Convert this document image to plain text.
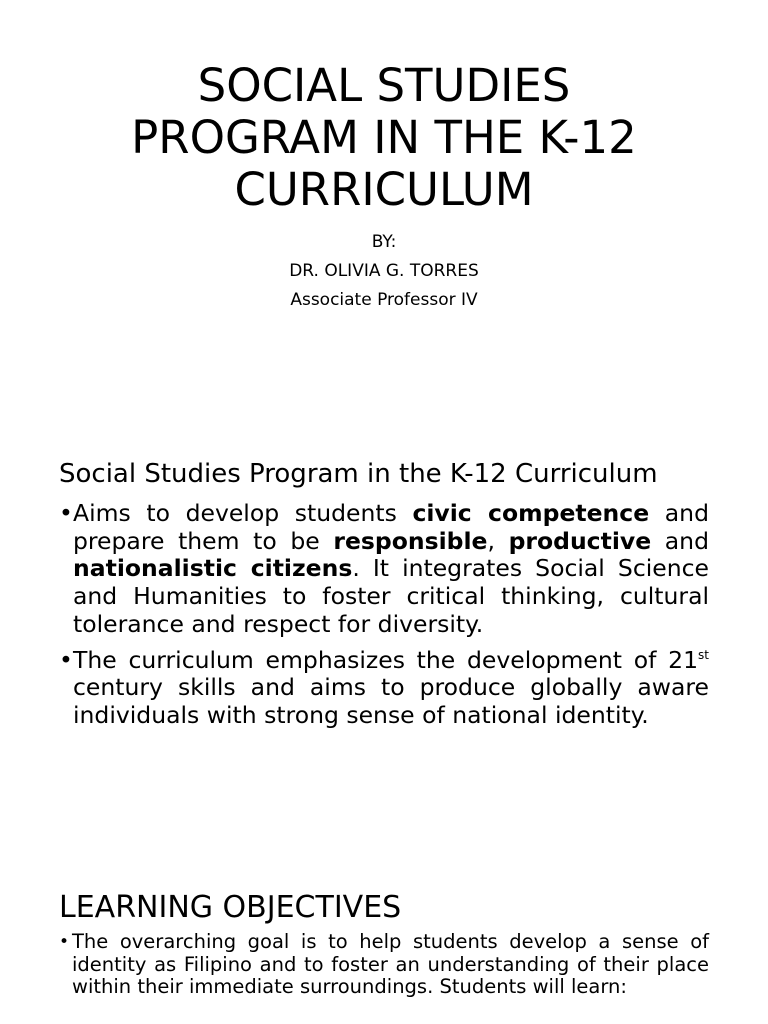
SOCIAL STUDIES
PROGRAM IN THE K-12
CURRICULUM
BY:
DR. OLIVIA G. TORRES
Associate Professor IV
Social Studies Program in the K-12 Curriculum
• Aims to develop students civic competence and prepare them to be responsible, productive and nationalistic citizens. It integrates Social Science and Humanities to foster critical thinking, cultural tolerance and respect for diversity.
• The curriculum emphasizes the development of 21st century skills and aims to produce globally aware individuals with strong sense of national identity.
LEARNING OBJECTIVES
• The overarching goal is to help students develop a sense of identity as Filipino and to foster an understanding of their place within their immediate surroundings. Students will learn:
